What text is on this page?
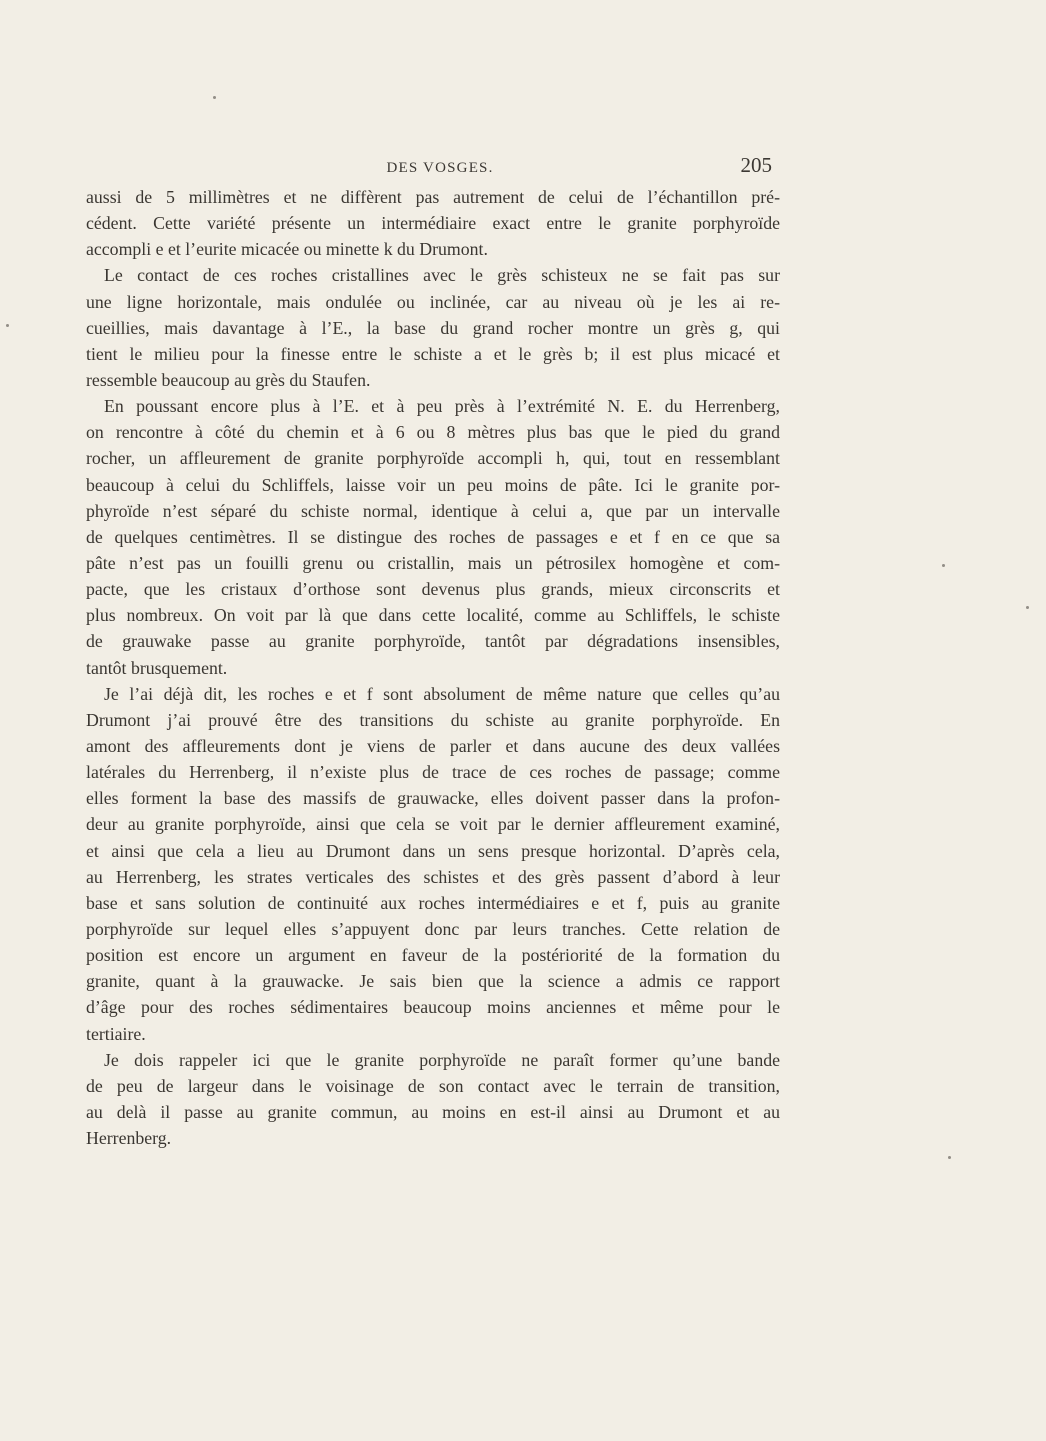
DES VOSGES.	205
aussi de 5 millimètres et ne diffèrent pas autrement de celui de l’échantillon pré-
cédent. Cette variété présente un intermédiaire exact entre le granite porphyroïde
accompli e et l’eurite micacée ou minette k du Drumont.
Le contact de ces roches cristallines avec le grès schisteux ne se fait pas sur
une ligne horizontale, mais ondulée ou inclinée, car au niveau où je les ai re-
cueillies, mais davantage à l’E., la base du grand rocher montre un grès g, qui
tient le milieu pour la finesse entre le schiste a et le grès b; il est plus micacé et
ressemble beaucoup au grès du Staufen.
En poussant encore plus à l’E. et à peu près à l’extrémité N. E. du Herrenberg,
on rencontre à côté du chemin et à 6 ou 8 mètres plus bas que le pied du grand
rocher, un affleurement de granite porphyroïde accompli h, qui, tout en ressemblant
beaucoup à celui du Schliffels, laisse voir un peu moins de pâte. Ici le granite por-
phyroïde n’est séparé du schiste normal, identique à celui a, que par un intervalle
de quelques centimètres. Il se distingue des roches de passages e et f en ce que sa
pâte n’est pas un fouilli grenu ou cristallin, mais un pétrosilex homogène et com-
pacte, que les cristaux d’orthose sont devenus plus grands, mieux circonscrits et
plus nombreux. On voit par là que dans cette localité, comme au Schliffels, le schiste
de grauwake passe au granite porphyroïde, tantôt par dégradations insensibles,
tantôt brusquement.
Je l’ai déjà dit, les roches e et f sont absolument de même nature que celles qu’au
Drumont j’ai prouvé être des transitions du schiste au granite porphyroïde. En
amont des affleurements dont je viens de parler et dans aucune des deux vallées
latérales du Herrenberg, il n’existe plus de trace de ces roches de passage; comme
elles forment la base des massifs de grauwacke, elles doivent passer dans la profon-
deur au granite porphyroïde, ainsi que cela se voit par le dernier affleurement examiné,
et ainsi que cela a lieu au Drumont dans un sens presque horizontal. D’après cela,
au Herrenberg, les strates verticales des schistes et des grès passent d’abord à leur
base et sans solution de continuité aux roches intermédiaires e et f, puis au granite
porphyroïde sur lequel elles s’appuyent donc par leurs tranches. Cette relation de
position est encore un argument en faveur de la postériorité de la formation du
granite, quant à la grauwacke. Je sais bien que la science a admis ce rapport
d’âge pour des roches sédimentaires beaucoup moins anciennes et même pour le
tertiaire.
Je dois rappeler ici que le granite porphyroïde ne paraît former qu’une bande
de peu de largeur dans le voisinage de son contact avec le terrain de transition,
au delà il passe au granite commun, au moins en est-il ainsi au Drumont et au
Herrenberg.
